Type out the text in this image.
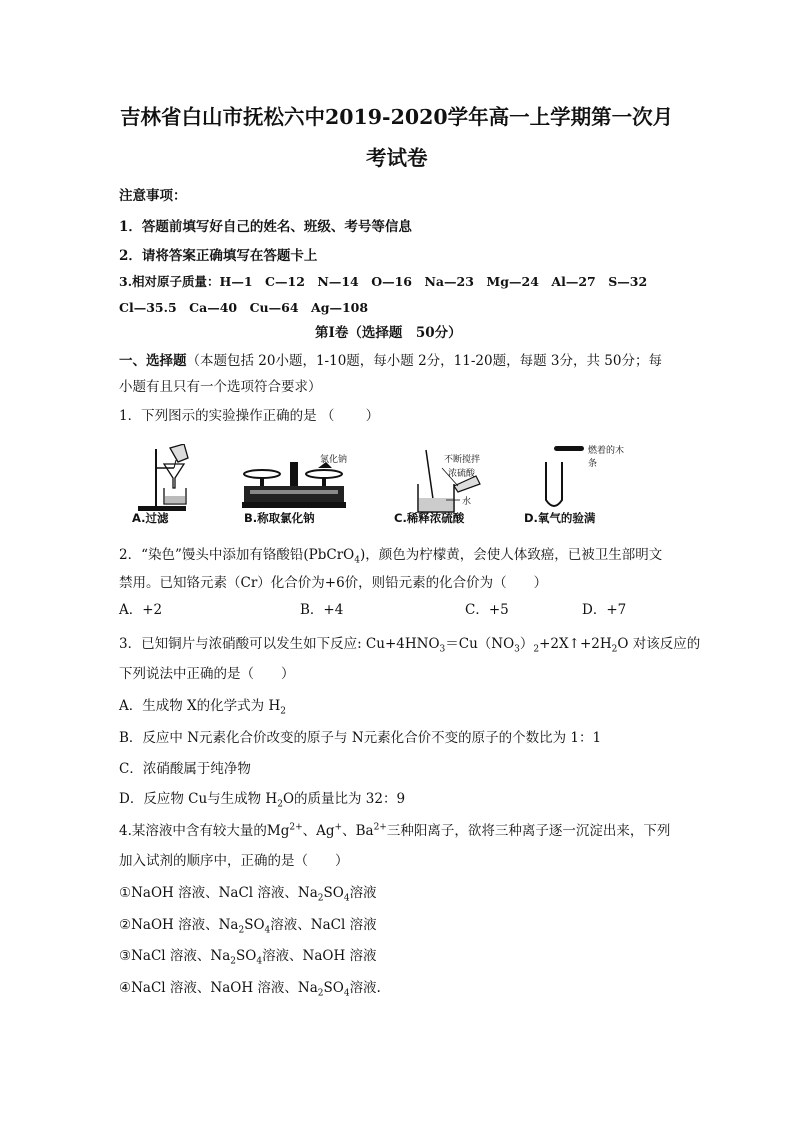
吉林省白山市抚松六中2019-2020学年高一上学期第一次月
考试卷
注意事项：
1．答题前填写好自己的姓名、班级、考号等信息
2．请将答案正确填写在答题卡上
3.相对原子质量：H—1　C—12　N—14　O—16　Na—23　Mg—24　Al—27　S—32
Cl—35.5　Ca—40　Cu—64　Ag—108
第Ⅰ卷（选择题　50分）
一、选择题（本题包括 20小题，1-10题，每小题 2分，11-20题，每题 3分，共 50分；每
小题有且只有一个选项符合要求）
1．下列图示的实验操作正确的是 （　　 ）
A.过滤
氯化钠
B.称取氯化钠
不断搅拌
浓硫酸
水
C.稀释浓硫酸
燃着的木条
D.氧气的验满
2．“染色”馒头中添加有铬酸铅(PbCrO$_4$)，颜色为柠檬黄，会使人体致癌，已被卫生部明文
禁用。已知铬元素（Cr）化合价为+6价，则铅元素的化合价为（　　）
A．+2	B．+4	C．+5	D．+7
3．已知铜片与浓硝酸可以发生如下反应: $Cu+4HNO_3=Cu(NO_3)_2+2X↑+2H_2O$ 对该反应的
下列说法中正确的是（　　）
A．生成物 X的化学式为 $H_2$
B．反应中 N元素化合价改变的原子与 N元素化合价不变的原子的个数比为 1：1
C．浓硝酸属于纯净物
D．反应物 Cu与生成物 $H_2O$的质量比为 32：9
4.某溶液中含有较大量的$Mg^{2+}$、Ag+、$Ba^{2+}$三种阳离子，欲将三种离子逐一沉淀出来，下列
加入试剂的顺序中，正确的是（　　）
①NaOH 溶液、NaCl 溶液、$Na_2SO_4$溶液
②NaOH 溶液、$Na_2SO_4$溶液、NaCl 溶液
③NaCl 溶液、$Na_2SO_4$溶液、NaOH 溶液
④NaCl 溶液、NaOH 溶液、$Na_2SO_4$溶液.
